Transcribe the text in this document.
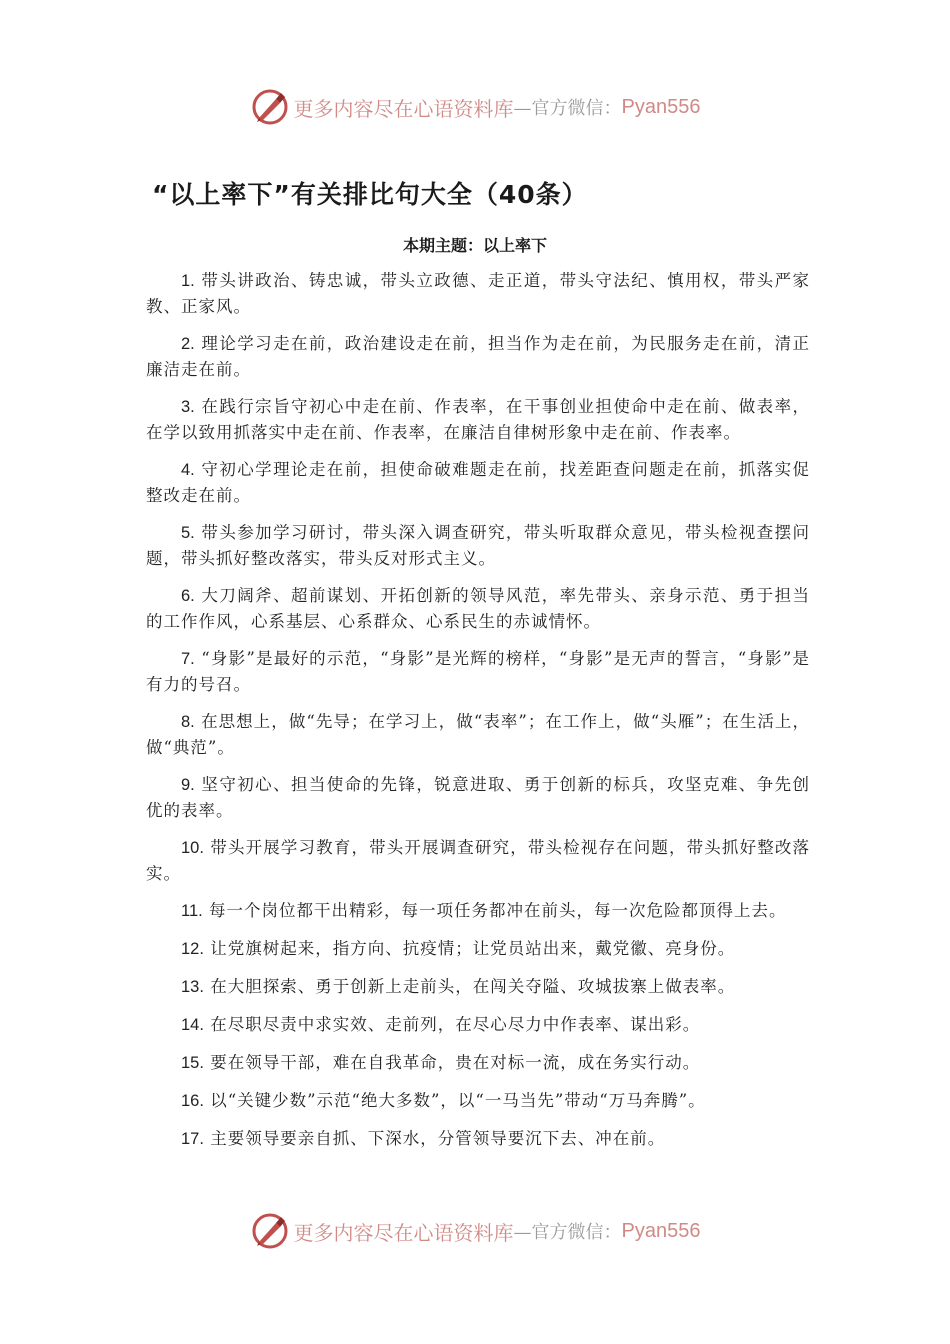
更多内容尽在心语资料库 —官方微信： Pyan556
“以上率下”有关排比句大全（40条）
本期主题：以上率下

1. 带头讲政治、铸忠诚，带头立政德、走正道，带头守法纪、慎用权，带头严家教、正家风。

2. 理论学习走在前，政治建设走在前，担当作为走在前，为民服务走在前，清正廉洁走在前。

3. 在践行宗旨守初心中走在前、作表率，在干事创业担使命中走在前、做表率，在学以致用抓落实中走在前、作表率，在廉洁自律树形象中走在前、作表率。

4. 守初心学理论走在前，担使命破难题走在前，找差距查问题走在前，抓落实促整改走在前。

5. 带头参加学习研讨，带头深入调查研究，带头听取群众意见，带头检视查摆问题，带头抓好整改落实，带头反对形式主义。

6. 大刀阔斧、超前谋划、开拓创新的领导风范，率先带头、亲身示范、勇于担当的工作作风，心系基层、心系群众、心系民生的赤诚情怀。

7. “身影”是最好的示范，“身影”是光辉的榜样，“身影”是无声的誓言，“身影”是有力的号召。

8. 在思想上，做“先导；在学习上，做“表率”；在工作上，做“头雁”；在生活上，做“典范”。

9. 坚守初心、担当使命的先锋，锐意进取、勇于创新的标兵，攻坚克难、争先创优的表率。

10. 带头开展学习教育，带头开展调查研究，带头检视存在问题，带头抓好整改落实。

11. 每一个岗位都干出精彩，每一项任务都冲在前头，每一次危险都顶得上去。

12. 让党旗树起来，指方向、抗疫情；让党员站出来，戴党徽、亮身份。

13. 在大胆探索、勇于创新上走前头，在闯关夺隘、攻城拔寨上做表率。

14. 在尽职尽责中求实效、走前列，在尽心尽力中作表率、谋出彩。

15. 要在领导干部，难在自我革命，贵在对标一流，成在务实行动。

16. 以“关键少数”示范“绝大多数”，以“一马当先”带动“万马奔腾”。

17. 主要领导要亲自抓、下深水，分管领导要沉下去、冲在前。

更多内容尽在心语资料库 —官方微信： Pyan556
